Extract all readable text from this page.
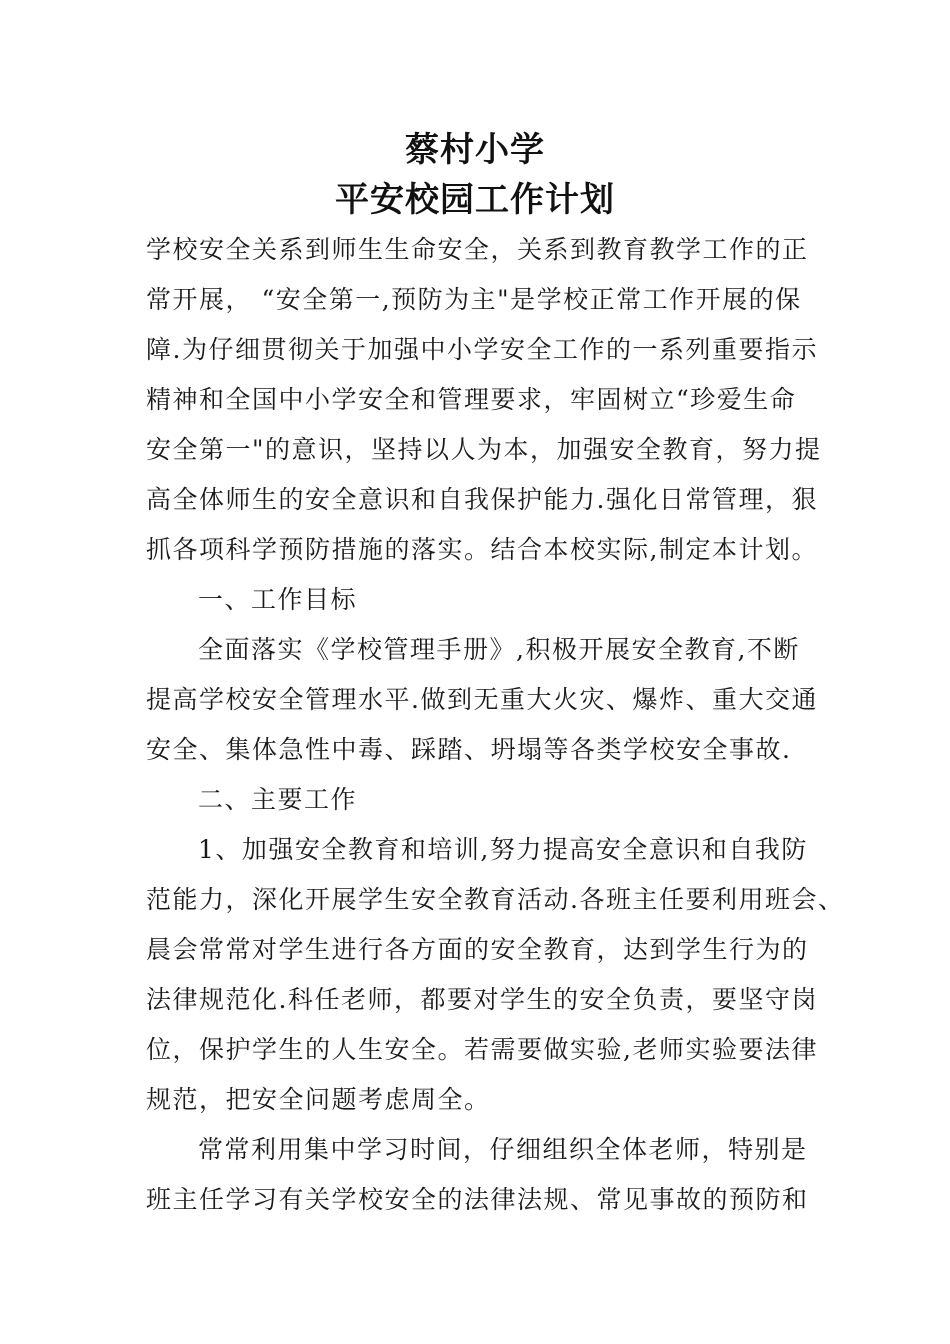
蔡村小学
平安校园工作计划
学校安全关系到师生生命安全，关系到教育教学工作的正
常开展， “安全第一,预防为主"是学校正常工作开展的保
障.为仔细贯彻关于加强中小学安全工作的一系列重要指示
精神和全国中小学安全和管理要求，牢固树立“珍爱生命
安全第一"的意识，坚持以人为本，加强安全教育，努力提
高全体师生的安全意识和自我保护能力.强化日常管理，狠
抓各项科学预防措施的落实。结合本校实际,制定本计划。
一、工作目标
全面落实《学校管理手册》,积极开展安全教育,不断
提高学校安全管理水平.做到无重大火灾、爆炸、重大交通
安全、集体急性中毒、踩踏、坍塌等各类学校安全事故.
二、主要工作
1、加强安全教育和培训,努力提高安全意识和自我防
范能力，深化开展学生安全教育活动.各班主任要利用班会、
晨会常常对学生进行各方面的安全教育，达到学生行为的
法律规范化.科任老师，都要对学生的安全负责，要坚守岗
位，保护学生的人生安全。若需要做实验,老师实验要法律
规范，把安全问题考虑周全。
常常利用集中学习时间，仔细组织全体老师，特别是
班主任学习有关学校安全的法律法规、常见事故的预防和
